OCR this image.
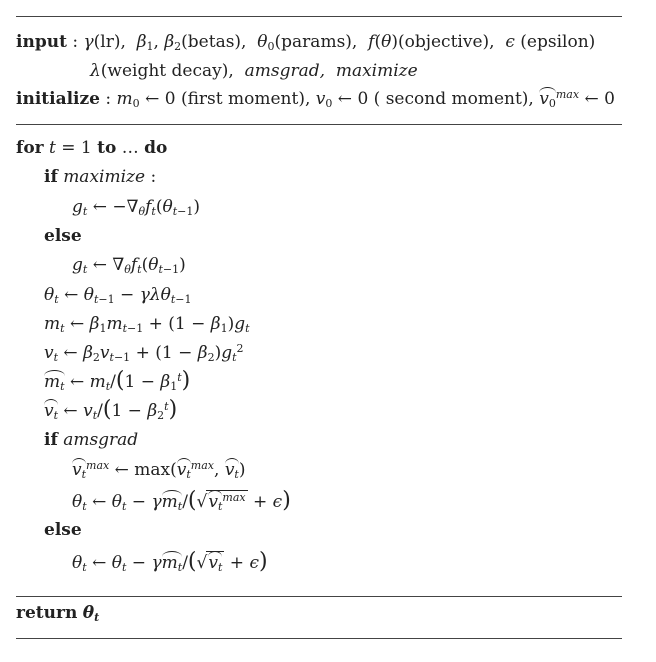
input : γ(lr), $\beta_1$, $\beta_2(betas)$, $\theta_0(params)$, f(θ)(objective), ϵ (epsilon)
λ(weight decay), amsgrad, maximize
initialize : $m_0$ ← 0 (first moment), $v_0$ ← 0 ( second moment), $v_0^{max}$ ← 0
for t = 1 to … do
if maximize :
$g_t$ ← $-\nabla_\theta f_t(\theta_{t-1})$
else
$g_t$ ← $\nabla_\theta f_t(\theta_{t-1})$
$\theta_t$ ← $\theta_{t-1} - \gamma\lambda\theta_{t-1}$
$m_t$ ← $\beta_1m_{t-1} + (1 - \beta_1)g_t$
$v_t$ ← $\beta_2v_{t-1} + (1 - \beta_2)g_t^2$
$m_t$ ← $m_t/(1 - \beta_1^t)$
$v_t$ ← $v_t/(1 - \beta_2^t)$
if amsgrad
$v_t^{max}$ ← $\max(v_t^{max}$, $v_t$)
$\theta_t$ ← $\theta_t - \gamma m_t/(√v_t^{max} + \epsilon)$
else
$\theta_t$ ← $\theta_t - \gamma m_t/(√v_t + \epsilon)$
return $\theta_t$
